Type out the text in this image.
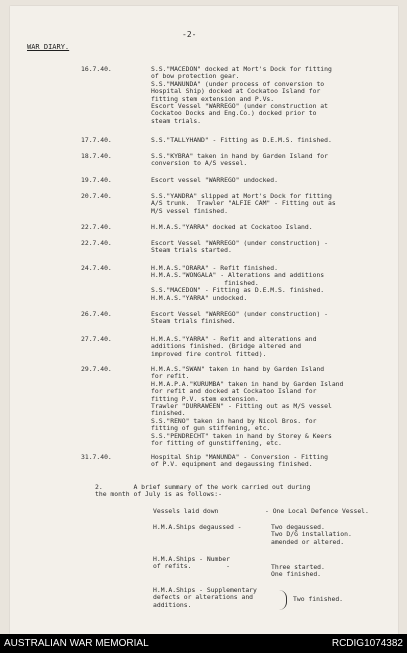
-2-
WAR DIARY.
16.7.40.	S.S."MACEDON" docked at Mort's Dock for fitting
of bow protection gear.
S.S."MANUNDA" (under process of conversion to
Hospital Ship) docked at Cockatoo Island for
fitting stem extension and P.Vs.
Escort Vessel "WARREGO" (under construction at
Cockatoo Docks and Eng.Co.) docked prior to
steam trials.
17.7.40.	S.S."TALLYHAND" - Fitting as D.E.M.S. finished.
18.7.40.	S.S."KYBRA" taken in hand by Garden Island for
conversion to A/S vessel.
19.7.40.	Escort vessel "WARREGO" undocked.
20.7.40.	S.S."YANDRA" slipped at Mort's Dock for fitting
A/S trunk.  Trawler "ALFIE CAM" - Fitting out as
M/S vessel finished.
22.7.40.	H.M.A.S."YARRA" docked at Cockatoo Island.
22.7.40.	Escort Vessel "WARREGO" (under construction) -
Steam trials started.
24.7.40.	H.M.A.S."ORARA" - Refit finished.
H.M.A.S."WONGALA" - Alterations and additions
finished.
S.S."MACEDON" - Fitting as D.E.M.S. finished.
H.M.A.S."YARRA" undocked.
26.7.40.	Escort Vessel "WARREGO" (under construction) -
Steam trials finished.
27.7.40.	H.M.A.S."YARRA" - Refit and alterations and
additions finished. (Bridge altered and
improved fire control fitted).
29.7.40.	H.M.A.S."SWAN" taken in hand by Garden Island
for refit.
H.M.A.P.A."KURUMBA" taken in hand by Garden Island
for refit and docked at Cockatoo Island for
fitting P.V. stem extension.
Trawler "DURRAWEEN" - Fitting out as M/S vessel
finished.
S.S."RENO" taken in hand by Nicol Bros. for
fitting of gun stiffening, etc.
S.S."PENDRECHT" taken in hand by Storey & Keers
for fitting of gunstiffening, etc.
31.7.40.	Hospital Ship "MANUNDA" - Conversion - Fitting
of P.V. equipment and degaussing finished.
2.        A brief summary of the work carried out during
the month of July is as follows:-
Vessels laid down	- One Local Defence Vessel.
H.M.A.Ships degaussed -	Two degaussed.
Two D/G installation.
amended or altered.
H.M.A.Ships - Number
of refits.         -	Three started.
One finished.
H.M.A.Ships - Supplementary
defects or alterations and
additions.
Two finished.
AUSTRALIAN WAR MEMORIAL	RCDIG1074382
